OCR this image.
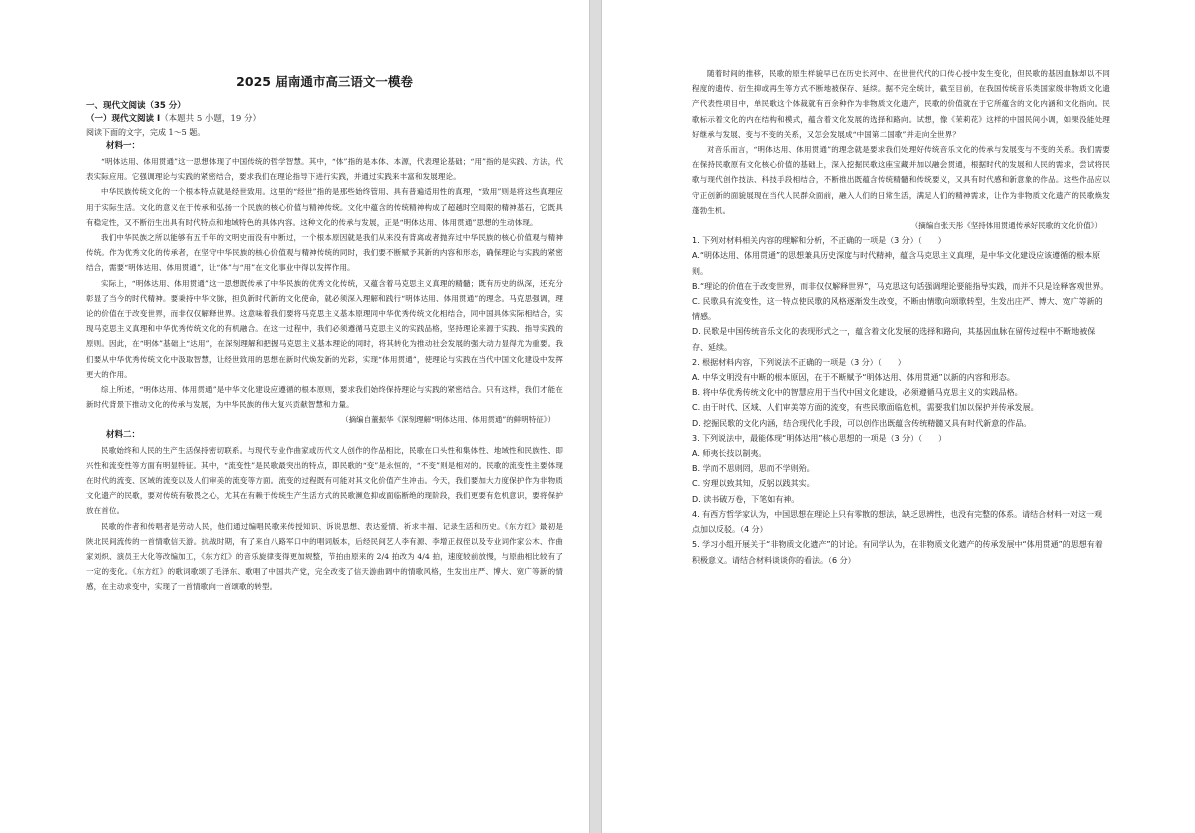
2025 届南通市高三语文一模卷
一、现代文阅读（35 分）
（一）现代文阅读 I（本题共 5 小题，19 分）
阅读下面的文字，完成 1～5 题。
材料一：

“明体达用、体用贯通”这一思想体现了中国传统的哲学智慧。其中，“体”指的是本体、本源，代表理论基础；“用”指的是实践、方法，代表实际应用。它强调理论与实践的紧密结合，要求我们在理论指导下进行实践，并通过实践来丰富和发展理论。

中华民族传统文化的一个根本特点就是经世致用。这里的“经世”指的是那些始终管用、具有普遍适用性的真理，“致用”则是将这些真理应用于实际生活。文化的意义在于传承和弘扬一个民族的核心价值与精神传统。文化中蕴含的传统精神构成了超越时空局限的精神基石，它既具有稳定性，又不断衍生出具有时代特点和地域特色的具体内容。这种文化的传承与发展，正是“明体达用、体用贯通”思想的生动体现。

我们中华民族之所以能够有五千年的文明史而没有中断过，一个根本原因就是我们从来没有背离或者抛弃过中华民族的核心价值观与精神传统。作为优秀文化的传承者，在坚守中华民族的核心价值观与精神传统的同时，我们要不断赋予其新的内容和形态，确保理论与实践的紧密结合，需要“明体达用、体用贯通”，让“体”与“用”在文化事业中得以发挥作用。

实际上，“明体达用、体用贯通”这一思想既传承了中华民族的优秀文化传统，又蕴含着马克思主义真理的精髓；既有历史的纵深，还充分彰显了当今的时代精神。要秉持中华文脉，担负新时代新的文化使命，就必须深入理解和践行“明体达用、体用贯通”的理念。马克思强调，理论的价值在于改变世界，而非仅仅解释世界。这意味着我们要将马克思主义基本原理同中华优秀传统文化相结合，同中国具体实际相结合，实现马克思主义真理和中华优秀传统文化的有机融合。在这一过程中，我们必须遵循马克思主义的实践品格，坚持理论来源于实践、指导实践的原则。因此，在“明体”基础上“达用”，在深刻理解和把握马克思主义基本理论的同时，将其转化为推动社会发展的强大动力显得尤为重要。我们要从中华优秀传统文化中汲取智慧，让经世致用的思想在新时代焕发新的光彩，实现“体用贯通”，使理论与实践在当代中国文化建设中发挥更大的作用。

综上所述，“明体达用、体用贯通”是中华文化建设应遵循的根本原则，要求我们始终保持理论与实践的紧密结合。只有这样，我们才能在新时代背景下推动文化的传承与发展，为中华民族的伟大复兴贡献智慧和力量。

（摘编自董振华《深刻理解“明体达用、体用贯通”的鲜明特征》）

材料二：

民歌始终和人民的生产生活保持密切联系。与现代专业作曲家或历代文人创作的作品相比，民歌在口头性和集体性、地域性和民族性、即兴性和流变性等方面有明显特征。其中，“流变性”是民歌最突出的特点，即民歌的“变”是永恒的，“不变”则是相对的。民歌的流变性主要体现在时代的流变、区域的流变以及人们审美的流变等方面。流变的过程既有可能对其文化价值产生冲击。今天，我们要加大力度保护作为非物质文化遗产的民歌，要对传统有敬畏之心，尤其在有赖于传统生产生活方式的民歌濒危抑或面临断绝的现阶段，我们更要有危机意识，要将保护放在首位。

民歌的作者和传唱者是劳动人民，他们通过编唱民歌来传授知识、诉说思想、表达爱情、祈求丰福、记录生活和历史。《东方红》最初是陕北民间流传的一首情歌信天游。抗战时期，有了来自八路军口中的唱词版本，后经民间艺人李有源、李增正叔侄以及专业词作家公木、作曲家刘炽、演员王大化等改编加工，《东方红》的音乐旋律变得更加规整，节拍由原来的 2/4 拍改为 4/4 拍，速度较前放慢，与原曲相比较有了一定的变化。《东方红》的歌词歌颂了毛泽东、歌唱了中国共产党，完全改变了信天游曲调中的情歌风格，生发出庄严、博大、宽广等新的情感，在主动求变中，实现了一首情歌向一首颂歌的转型。

随着时间的推移，民歌的原生样貌早已在历史长河中、在世世代代的口传心授中发生变化，但民歌的基因血脉却以不同程度的遗传、衍生抑或再生等方式不断地被保存、延续。据不完全统计，截至目前，在我国传统音乐类国家级非物质文化遗产代表性项目中，单民歌这个体裁就有百余种作为非物质文化遗产，民歌的价值就在于它所蕴含的文化内涵和文化指向。民歌标示着文化的内在结构和模式，蕴含着文化发展的选择和路向。试想，像《茉莉花》这样的中国民间小调，如果没能处理好继承与发展、变与不变的关系，又怎会发展成“中国第二国歌”并走向全世界？

对音乐而言，“明体达用、体用贯通”的理念就是要求我们处理好传统音乐文化的传承与发展变与不变的关系。我们需要在保持民歌原有文化核心价值的基础上，深入挖掘民歌这座宝藏并加以融会贯通，根据时代的发展和人民的需求，尝试将民歌与现代创作技法、科技手段相结合，不断推出既蕴含传统精髓和传统要义，又具有时代感和新意象的作品。这些作品应以守正创新的面貌展现在当代人民群众面前，融入人们的日常生活，满足人们的精神需求，让作为非物质文化遗产的民歌焕发蓬勃生机。

（摘编自张天彤《坚持体用贯通传承好民歌的文化价值》）

1. 下列对材料相关内容的理解和分析，不正确的一项是（3 分）（　　）

A.“明体达用、体用贯通”的思想兼具历史深度与时代精神，蕴含马克思主义真理，是中华文化建设应该遵循的根本原则。

B.“理论的价值在于改变世界，而非仅仅解释世界”，马克思这句话强调理论要能指导实践，而并不只是诠释客观世界。

C. 民歌具有流变性，这一特点使民歌的风格逐渐发生改变，不断由情歌向颂歌转型，生发出庄严、博大、宽广等新的情感。

D. 民歌是中国传统音乐文化的表现形式之一，蕴含着文化发展的选择和路向，其基因血脉在留传过程中不断地被保存、延续。

2. 根据材料内容，下列说法不正确的一项是（3 分）（　　）

A. 中华文明没有中断的根本原因，在于不断赋予“明体达用、体用贯通”以新的内容和形态。

B. 将中华优秀传统文化中的智慧应用于当代中国文化建设，必须遵循马克思主义的实践品格。

C. 由于时代、区域、人们审美等方面的流变，有些民歌面临危机，需要我们加以保护并传承发展。

D. 挖掘民歌的文化内涵，结合现代化手段，可以创作出既蕴含传统精髓又具有时代新意的作品。

3. 下列说法中，最能体现“明体达用”核心思想的一项是（3 分）（　　）

A. 师夷长技以制夷。

B. 学而不思则罔，思而不学则殆。

C. 穷理以致其知，反躬以践其实。

D. 读书破万卷，下笔如有神。

4. 有西方哲学家认为，中国思想在理论上只有零散的想法，缺乏思辨性，也没有完整的体系。请结合材料一对这一观点加以反驳。（4 分）

5. 学习小组开展关于“非物质文化遗产”的讨论。有同学认为，在非物质文化遗产的传承发展中“体用贯通”的思想有着积极意义。请结合材料谈谈你的看法。（6 分）
